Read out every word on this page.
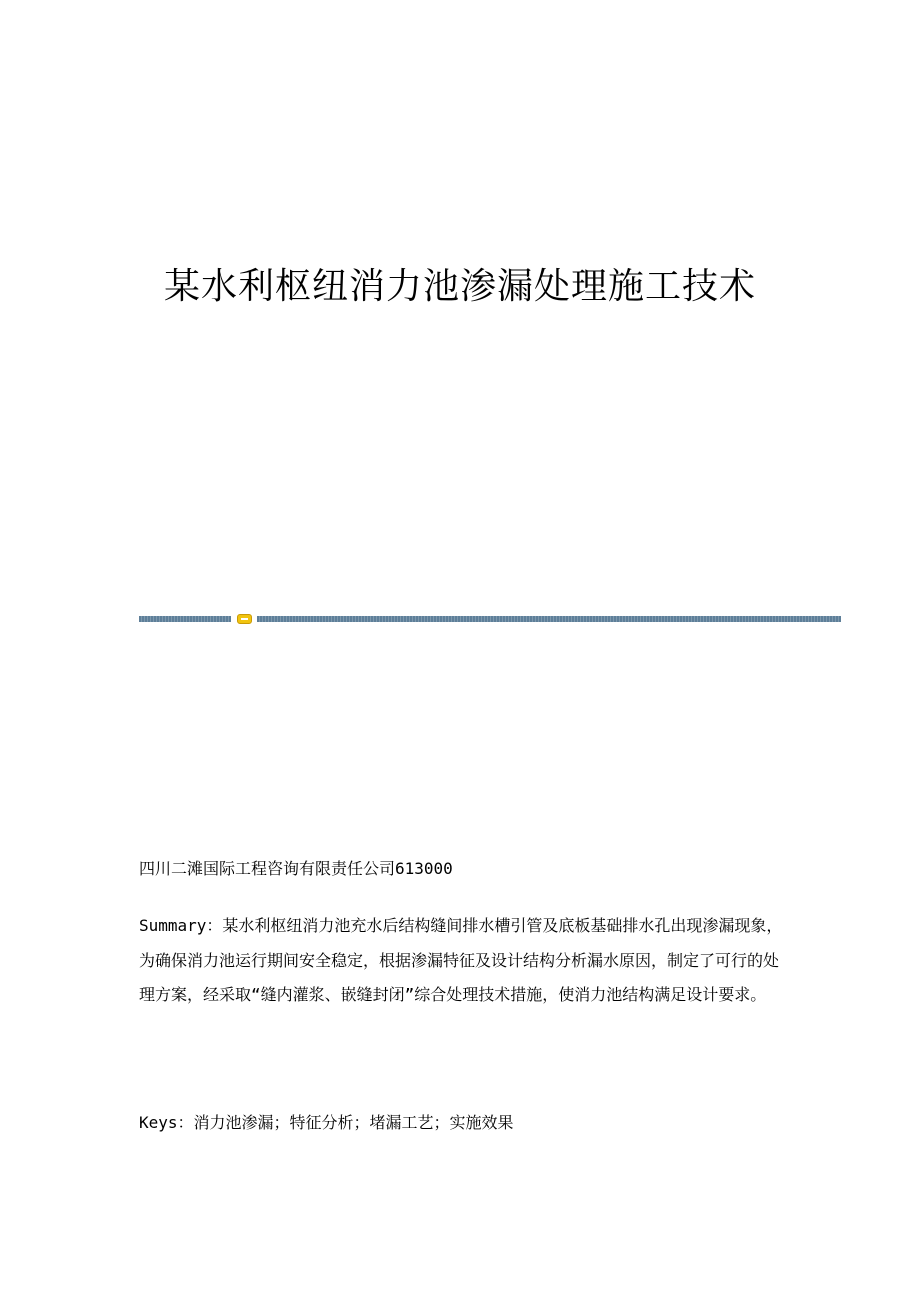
某水利枢纽消力池渗漏处理施工技术

四川二滩国际工程咨询有限责任公司613000

Summary：某水利枢纽消力池充水后结构缝间排水槽引管及底板基础排水孔出现渗漏现象，为确保消力池运行期间安全稳定，根据渗漏特征及设计结构分析漏水原因，制定了可行的处理方案，经采取“缝内灌浆、嵌缝封闭”综合处理技术措施，使消力池结构满足设计要求。

Keys：消力池渗漏；特征分析；堵漏工艺；实施效果
